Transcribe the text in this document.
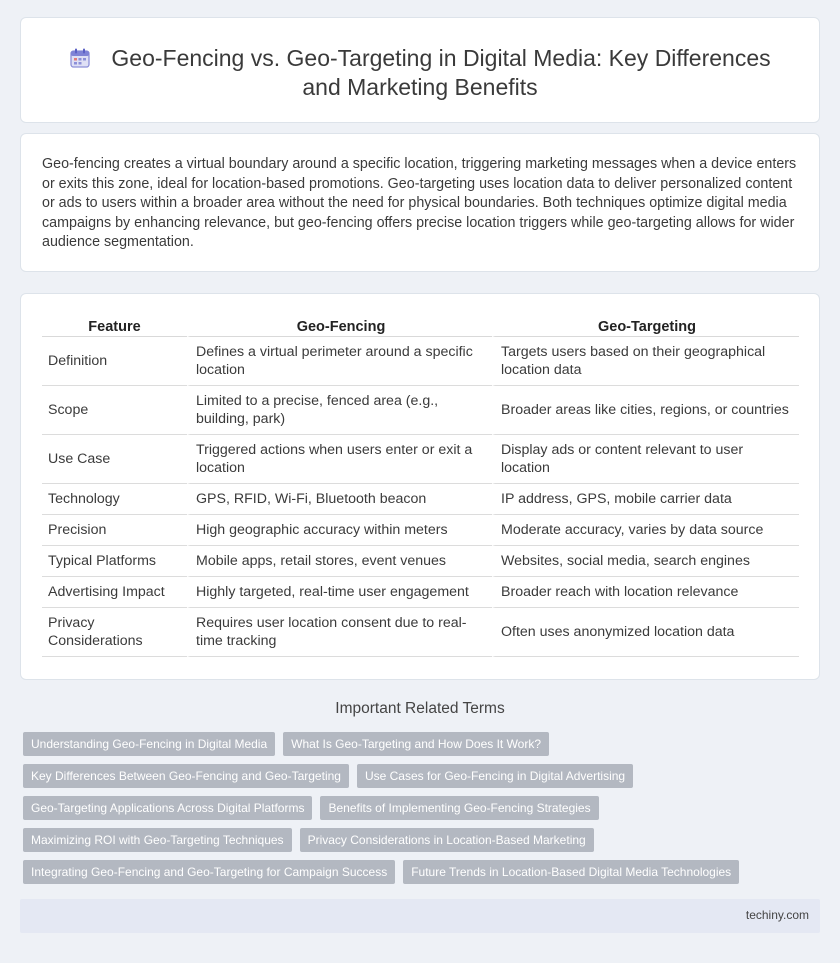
Geo-Fencing vs. Geo-Targeting in Digital Media: Key Differences and Marketing Benefits

Geo-fencing creates a virtual boundary around a specific location, triggering marketing messages when a device enters or exits this zone, ideal for location-based promotions. Geo-targeting uses location data to deliver personalized content or ads to users within a broader area without the need for physical boundaries. Both techniques optimize digital media campaigns by enhancing relevance, but geo-fencing offers precise location triggers while geo-targeting allows for wider audience segmentation.

Feature	Geo-Fencing	Geo-Targeting
Definition	Defines a virtual perimeter around a specific location	Targets users based on their geographical location data
Scope	Limited to a precise, fenced area (e.g., building, park)	Broader areas like cities, regions, or countries
Use Case	Triggered actions when users enter or exit a location	Display ads or content relevant to user location
Technology	GPS, RFID, Wi-Fi, Bluetooth beacon	IP address, GPS, mobile carrier data
Precision	High geographic accuracy within meters	Moderate accuracy, varies by data source
Typical Platforms	Mobile apps, retail stores, event venues	Websites, social media, search engines
Advertising Impact	Highly targeted, real-time user engagement	Broader reach with location relevance
Privacy Considerations	Requires user location consent due to real-time tracking	Often uses anonymized location data
Important Related Terms
Understanding Geo-Fencing in Digital Media	What Is Geo-Targeting and How Does It Work?
Key Differences Between Geo-Fencing and Geo-Targeting	Use Cases for Geo-Fencing in Digital Advertising
Geo-Targeting Applications Across Digital Platforms	Benefits of Implementing Geo-Fencing Strategies
Maximizing ROI with Geo-Targeting Techniques	Privacy Considerations in Location-Based Marketing
Integrating Geo-Fencing and Geo-Targeting for Campaign Success	Future Trends in Location-Based Digital Media Technologies
techiny.com
